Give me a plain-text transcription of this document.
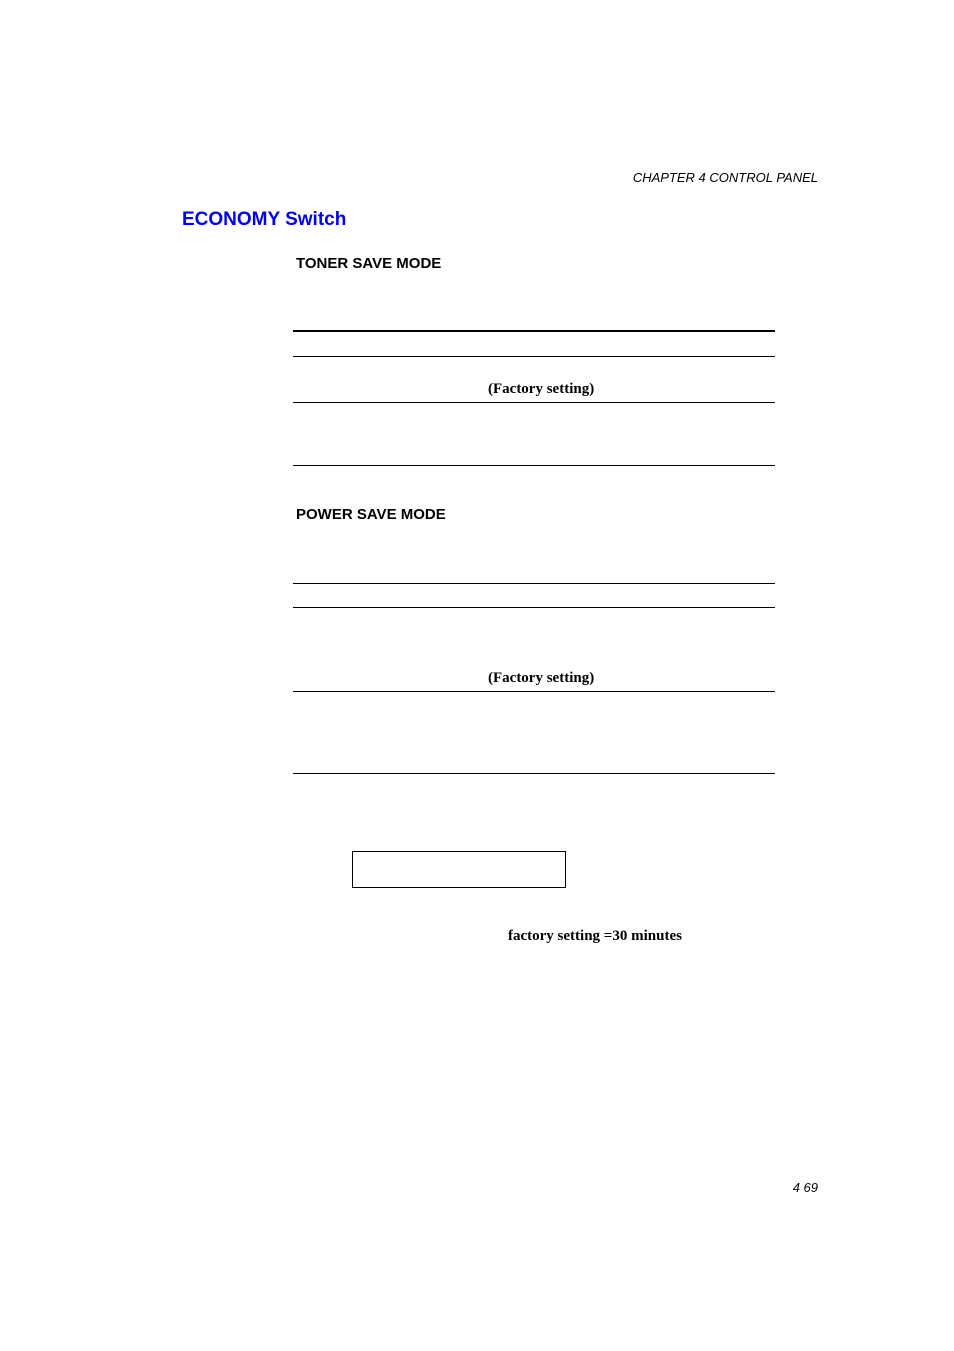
CHAPTER 4 CONTROL PANEL
ECONOMY Switch
TONER SAVE MODE
(Factory setting)
POWER SAVE MODE
(Factory setting)
factory setting =30 minutes
4 69
